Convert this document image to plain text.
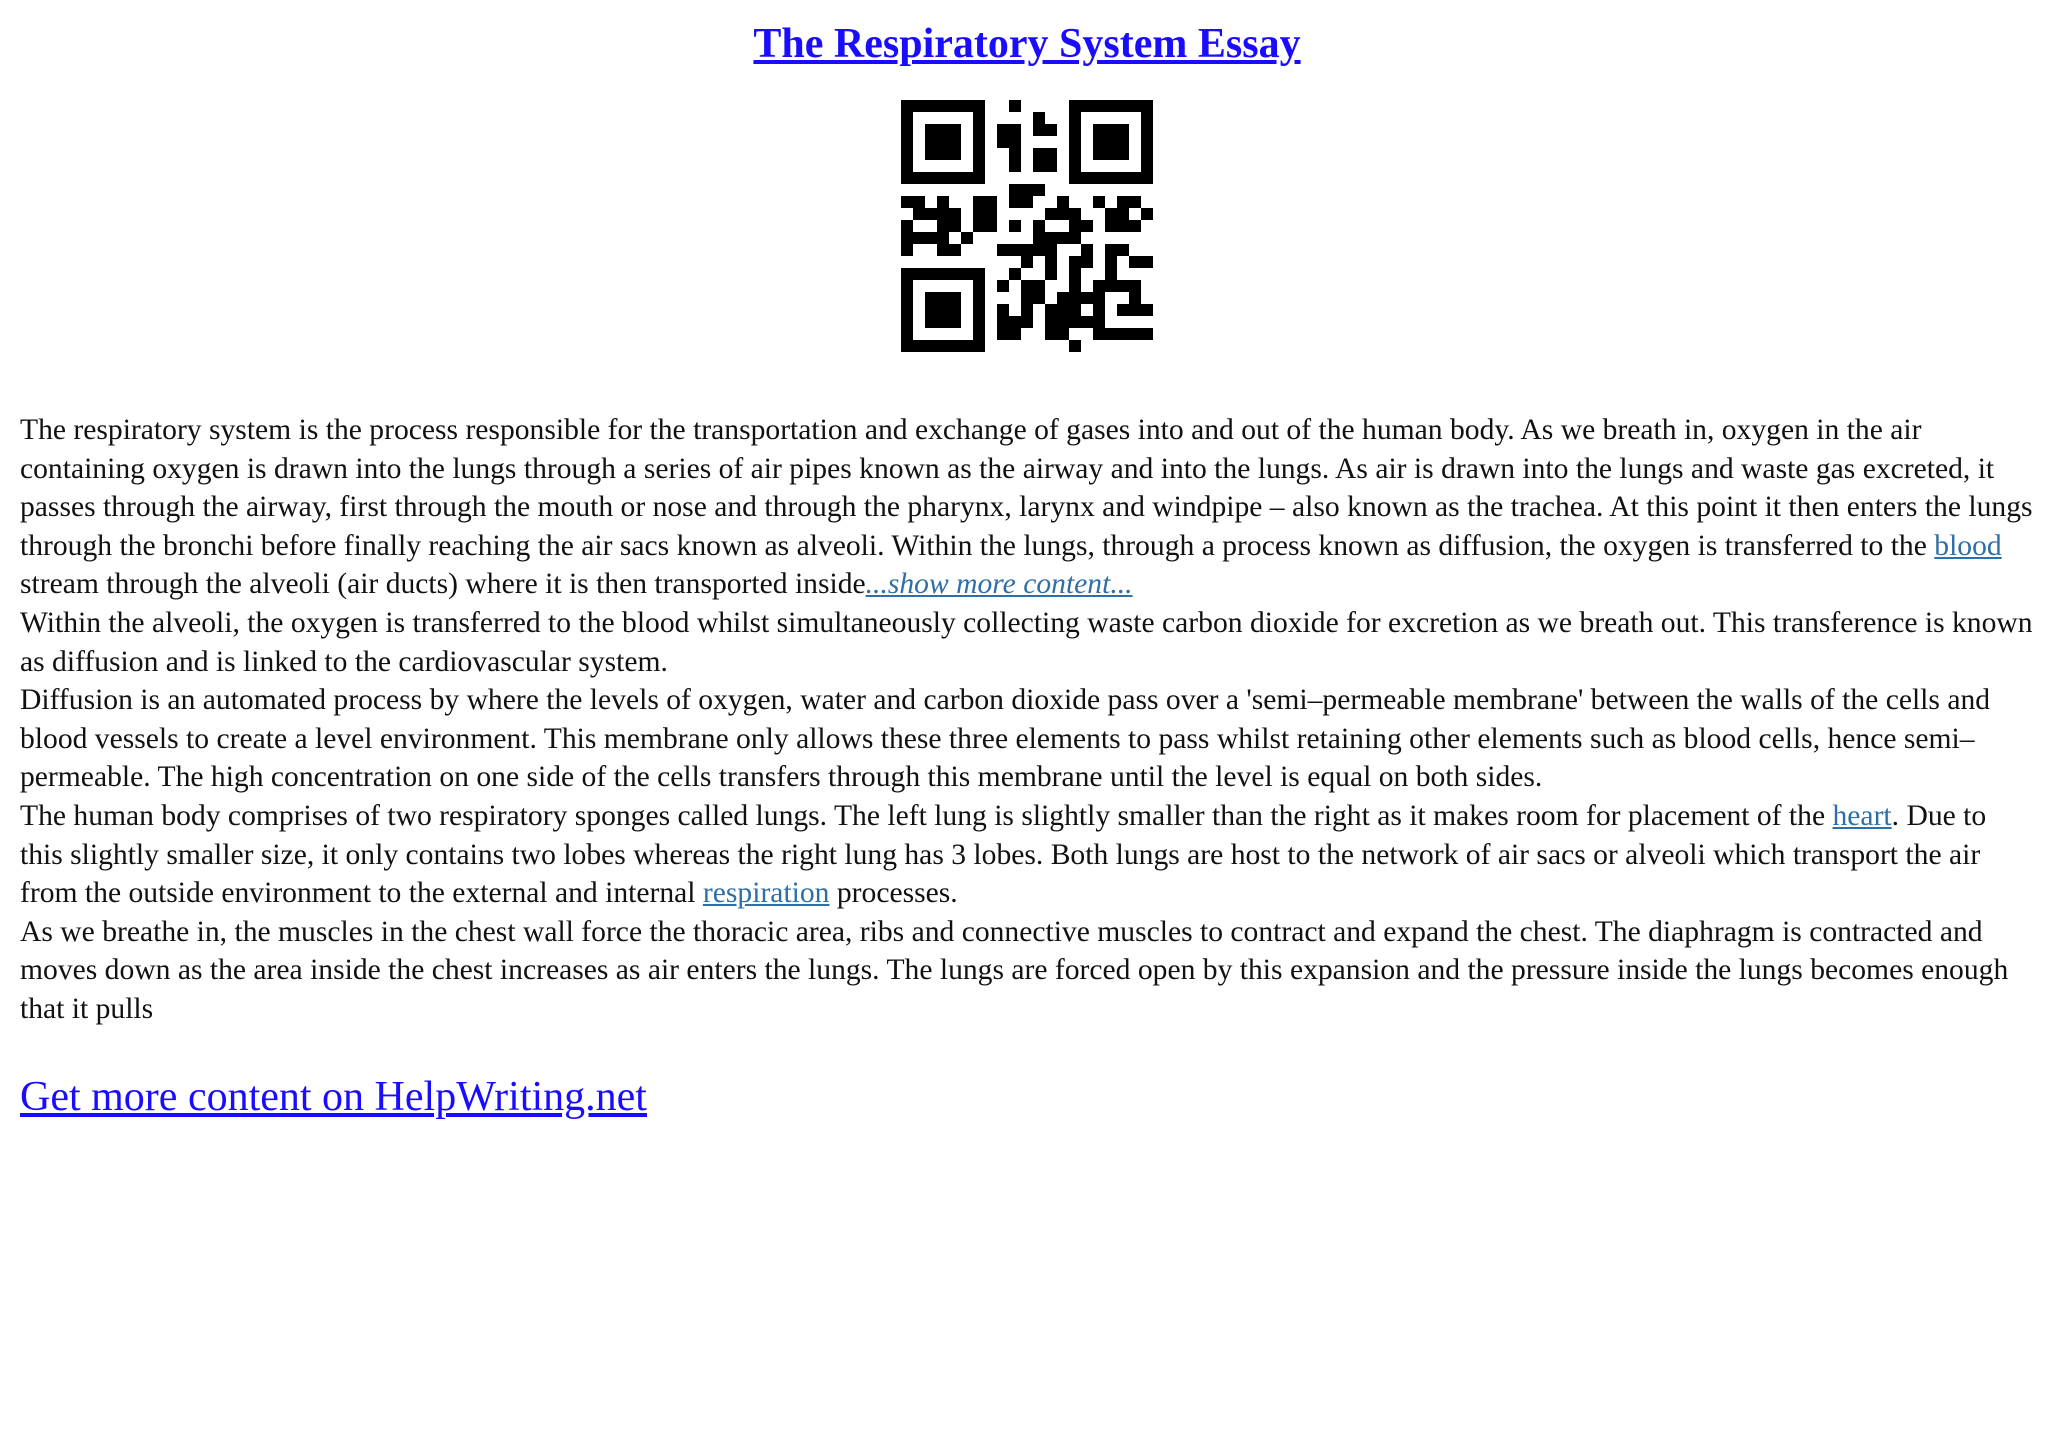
The Respiratory System Essay

The respiratory system is the process responsible for the transportation and exchange of gases into and out of the human body. As we breath in, oxygen in the air containing oxygen is drawn into the lungs through a series of air pipes known as the airway and into the lungs. As air is drawn into the lungs and waste gas excreted, it passes through the airway, first through the mouth or nose and through the pharynx, larynx and windpipe – also known as the trachea. At this point it then enters the lungs through the bronchi before finally reaching the air sacs known as alveoli. Within the lungs, through a process known as diffusion, the oxygen is transferred to the blood stream through the alveoli (air ducts) where it is then transported inside...show more content...

Within the alveoli, the oxygen is transferred to the blood whilst simultaneously collecting waste carbon dioxide for excretion as we breath out. This transference is known as diffusion and is linked to the cardiovascular system.

Diffusion is an automated process by where the levels of oxygen, water and carbon dioxide pass over a 'semi–permeable membrane' between the walls of the cells and blood vessels to create a level environment. This membrane only allows these three elements to pass whilst retaining other elements such as blood cells, hence semi–permeable. The high concentration on one side of the cells transfers through this membrane until the level is equal on both sides.

The human body comprises of two respiratory sponges called lungs. The left lung is slightly smaller than the right as it makes room for placement of the heart. Due to this slightly smaller size, it only contains two lobes whereas the right lung has 3 lobes. Both lungs are host to the network of air sacs or alveoli which transport the air from the outside environment to the external and internal respiration processes.

As we breathe in, the muscles in the chest wall force the thoracic area, ribs and connective muscles to contract and expand the chest. The diaphragm is contracted and moves down as the area inside the chest increases as air enters the lungs. The lungs are forced open by this expansion and the pressure inside the lungs becomes enough that it pulls

Get more content on HelpWriting.net
